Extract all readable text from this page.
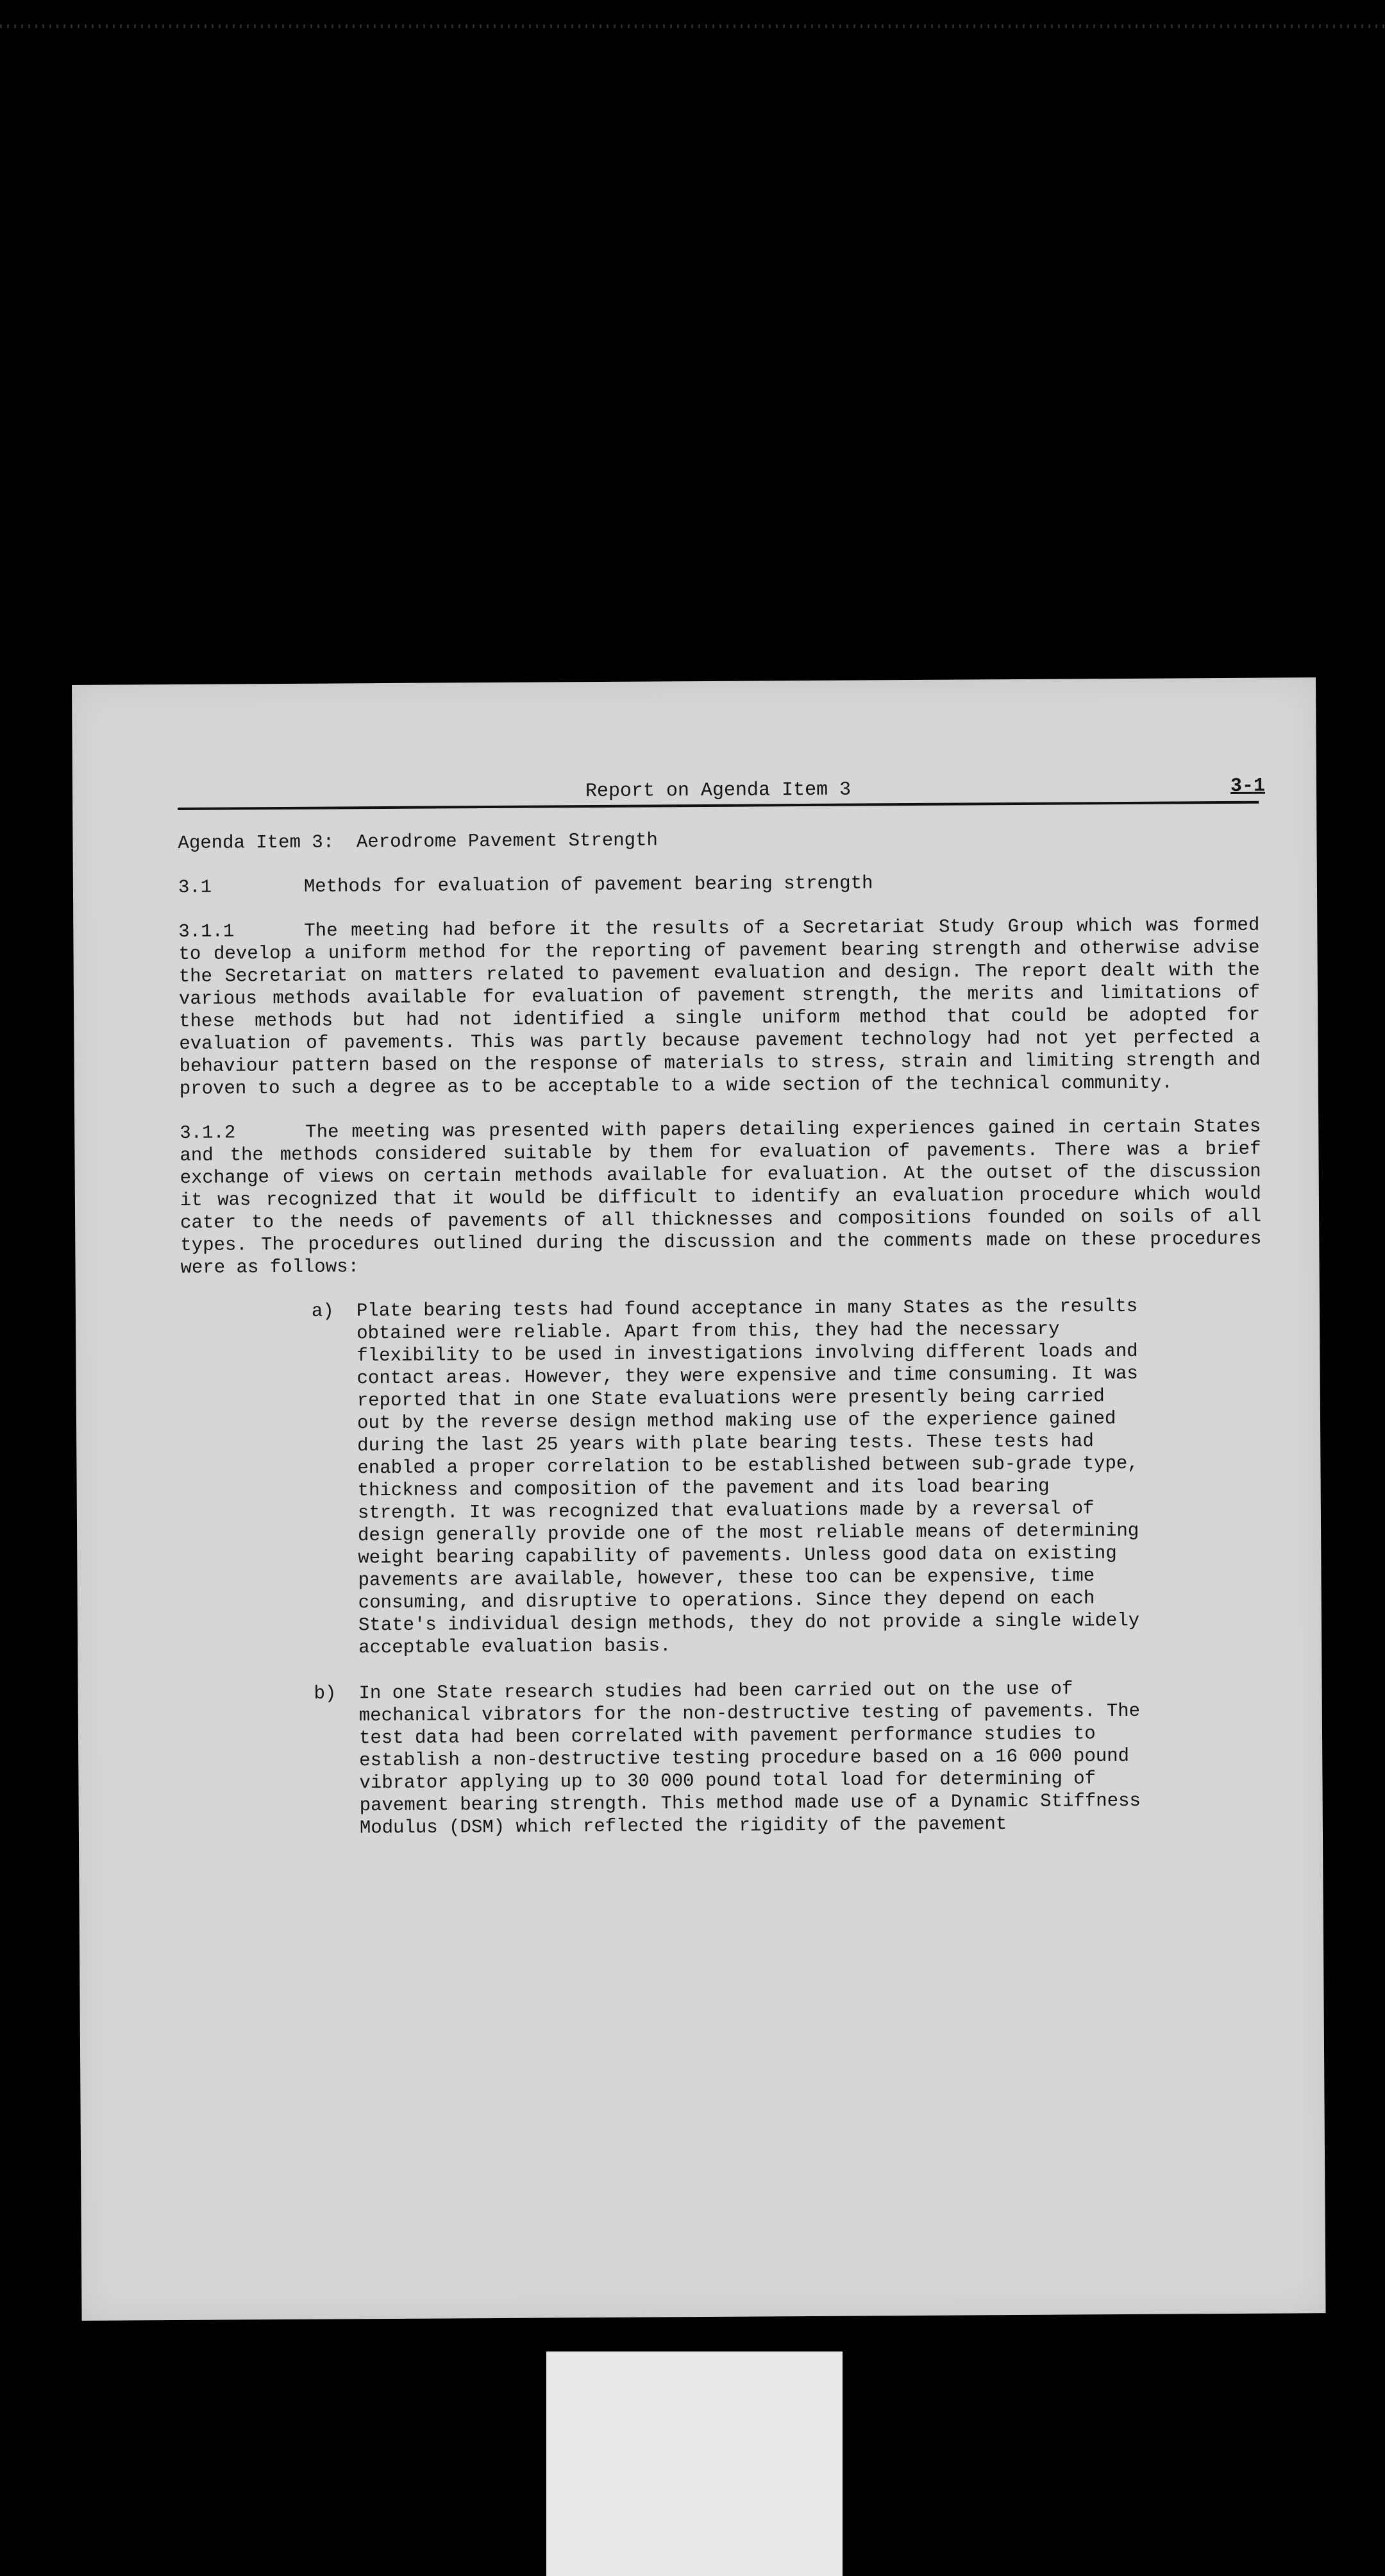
Report on Agenda Item 3	3-1
Agenda Item 3: Aerodrome Pavement Strength
3.1	Methods for evaluation of pavement bearing strength
3.1.1	The meeting had before it the results of a Secretariat Study Group which was formed to develop a uniform method for the reporting of pavement bearing strength and otherwise advise the Secretariat on matters related to pavement evaluation and design. The report dealt with the various methods available for evaluation of pavement strength, the merits and limitations of these methods but had not identified a single uniform method that could be adopted for evaluation of pavements. This was partly because pavement technology had not yet perfected a behaviour pattern based on the response of materials to stress, strain and limiting strength and proven to such a degree as to be acceptable to a wide section of the technical community.
3.1.2	The meeting was presented with papers detailing experiences gained in certain States and the methods considered suitable by them for evaluation of pavements. There was a brief exchange of views on certain methods available for evaluation. At the outset of the discussion it was recognized that it would be difficult to identify an evaluation procedure which would cater to the needs of pavements of all thicknesses and compositions founded on soils of all types. The procedures outlined during the discussion and the comments made on these procedures were as follows:
a)	Plate bearing tests had found acceptance in many States as the results obtained were reliable. Apart from this, they had the necessary flexibility to be used in investigations involving different loads and contact areas. However, they were expensive and time consuming. It was reported that in one State evaluations were presently being carried out by the reverse design method making use of the experience gained during the last 25 years with plate bearing tests. These tests had enabled a proper correlation to be established between sub-grade type, thickness and composition of the pavement and its load bearing strength. It was recognized that evaluations made by a reversal of design generally provide one of the most reliable means of determining weight bearing capability of pavements. Unless good data on existing pavements are available, however, these too can be expensive, time consuming, and disruptive to operations. Since they depend on each State's individual design methods, they do not provide a single widely acceptable evaluation basis.
b)	In one State research studies had been carried out on the use of mechanical vibrators for the non-destructive testing of pavements. The test data had been correlated with pavement performance studies to establish a non-destructive testing procedure based on a 16 000 pound vibrator applying up to 30 000 pound total load for determining of pavement bearing strength. This method made use of a Dynamic Stiffness Modulus (DSM) which reflected the rigidity of the pavement
